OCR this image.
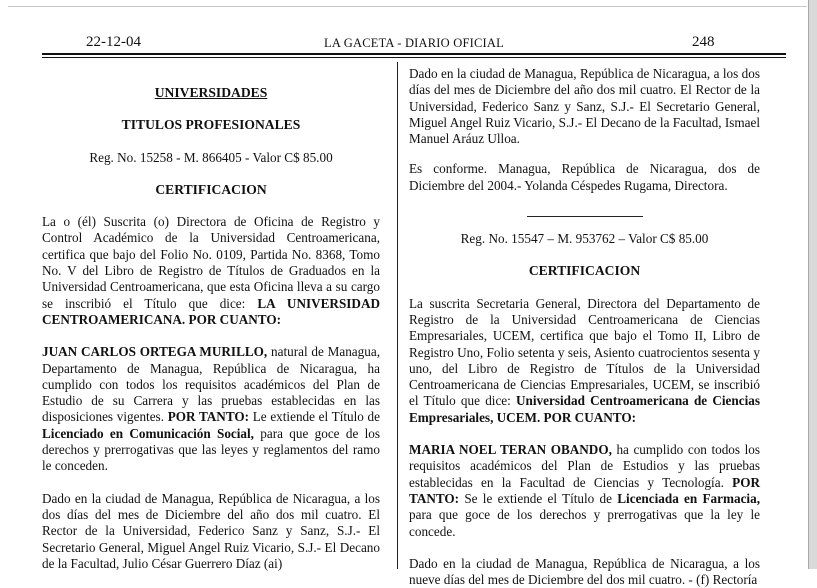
22-12-04	LA GACETA - DIARIO OFICIAL	248

UNIVERSIDADES

TITULOS PROFESIONALES

Reg. No. 15258 - M. 866405 - Valor C$ 85.00

CERTIFICACION

La o (él) Suscrita (o) Directora de Oficina de Registro y Control Académico de la Universidad Centroamericana, certifica que bajo del Folio No. 0109, Partida No. 8368, Tomo No. V del Libro de Registro de Títulos de Graduados en la Universidad Centroamericana, que esta Oficina lleva a su cargo se inscribió el Título que dice: LA UNIVERSIDAD CENTROAMERICANA. POR CUANTO:

JUAN CARLOS ORTEGA MURILLO, natural de Managua, Departamento de Managua, República de Nicaragua, ha cumplido con todos los requisitos académicos del Plan de Estudio de su Carrera y las pruebas establecidas en las disposiciones vigentes. POR TANTO: Le extiende el Título de Licenciado en Comunicación Social, para que goce de los derechos y prerrogativas que las leyes y reglamentos del ramo le conceden.

Dado en la ciudad de Managua, República de Nicaragua, a los dos días del mes de Diciembre del año dos mil cuatro. El Rector de la Universidad, Federico Sanz y Sanz, S.J.- El Secretario General, Miguel Angel Ruiz Vicario, S.J.- El Decano de la Facultad, Julio César Guerrero Díaz (ai)

Dado en la ciudad de Managua, República de Nicaragua, a los dos días del mes de Diciembre del año dos mil cuatro. El Rector de la Universidad, Federico Sanz y Sanz, S.J.- El Secretario General, Miguel Angel Ruiz Vicario, S.J.- El Decano de la Facultad, Ismael Manuel Aráuz Ulloa.

Es conforme. Managua, República de Nicaragua, dos de Diciembre del 2004.- Yolanda Céspedes Rugama, Directora.

Reg. No. 15547 – M. 953762 – Valor C$ 85.00

CERTIFICACION

La suscrita Secretaria General, Directora del Departamento de Registro de la Universidad Centroamericana de Ciencias Empresariales, UCEM, certifica que bajo el Tomo II, Libro de Registro Uno, Folio setenta y seis, Asiento cuatrocientos sesenta y uno, del Libro de Registro de Títulos de la Universidad Centroamericana de Ciencias Empresariales, UCEM, se inscribió el Título que dice: Universidad Centroamericana de Ciencias Empresariales, UCEM. POR CUANTO:

MARIA NOEL TERAN OBANDO, ha cumplido con todos los requisitos académicos del Plan de Estudios y las pruebas establecidas en la Facultad de Ciencias y Tecnología. POR TANTO: Se le extiende el Título de Licenciada en Farmacia, para que goce de los derechos y prerrogativas que la ley le concede.

Dado en la ciudad de Managua, República de Nicaragua, a los nueve días del mes de Diciembre del dos mil cuatro. - (f) Rectoría
